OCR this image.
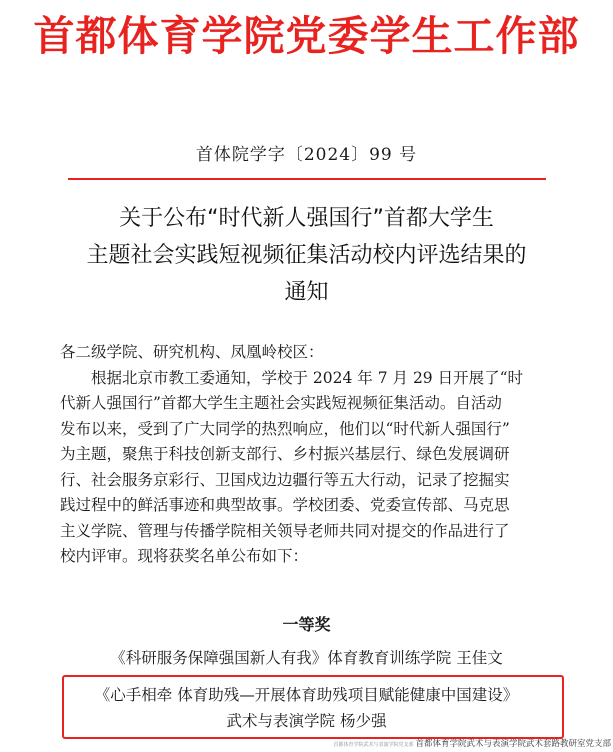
首都体育学院党委学生工作部
首体院学字〔2024〕99 号
关于公布“时代新人强国行”首都大学生
主题社会实践短视频征集活动校内评选结果的
通知

各二级学院、研究机构、凤凰岭校区：

根据北京市教工委通知，学校于 2024 年 7 月 29 日开展了“时

代新人强国行”首都大学生主题社会实践短视频征集活动。自活动

发布以来，受到了广大同学的热烈响应，他们以“时代新人强国行”

为主题，聚焦于科技创新支部行、乡村振兴基层行、绿色发展调研

行、社会服务京彩行、卫国戍边边疆行等五大行动，记录了挖掘实

践过程中的鲜活事迹和典型故事。学校团委、党委宣传部、马克思

主义学院、管理与传播学院相关领导老师共同对提交的作品进行了

校内评审。现将获奖名单公布如下：

一等奖
《科研服务保障强国新人有我》体育教育训练学院 王佳文
《心手相牵 体育助残—开展体育助残项目赋能健康中国建设》
武术与表演学院 杨少强
首都体育学院武术与表演学院党支部 首都体育学院武术与表演学院武术套路教研室党支部
